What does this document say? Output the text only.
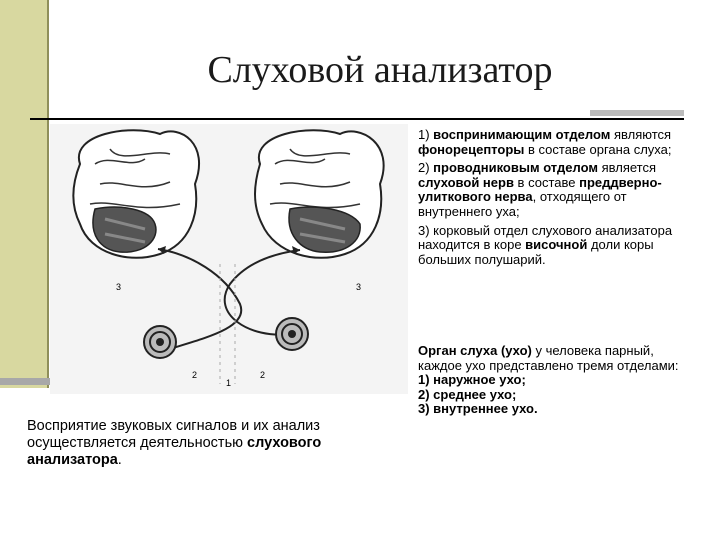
Слуховой анализатор
3	3
2	2
1
Восприятие звуковых сигналов и их анализ осуществляется деятельностью слухового анализатора.

1) воспринимающим отделом являются фонорецепторы в составе органа слуха;

2) проводниковым отделом является слуховой нерв в составе преддверно-улиткового нерва, отходящего от внутреннего уха;

3) корковый отдел слухового анализатора находится в коре височной доли коры больших полушарий.

Орган слуха (ухо) у человека парный, каждое ухо представлено тремя отделами:

1) наружное ухо;

2) среднее ухо;

3) внутреннее ухо.
